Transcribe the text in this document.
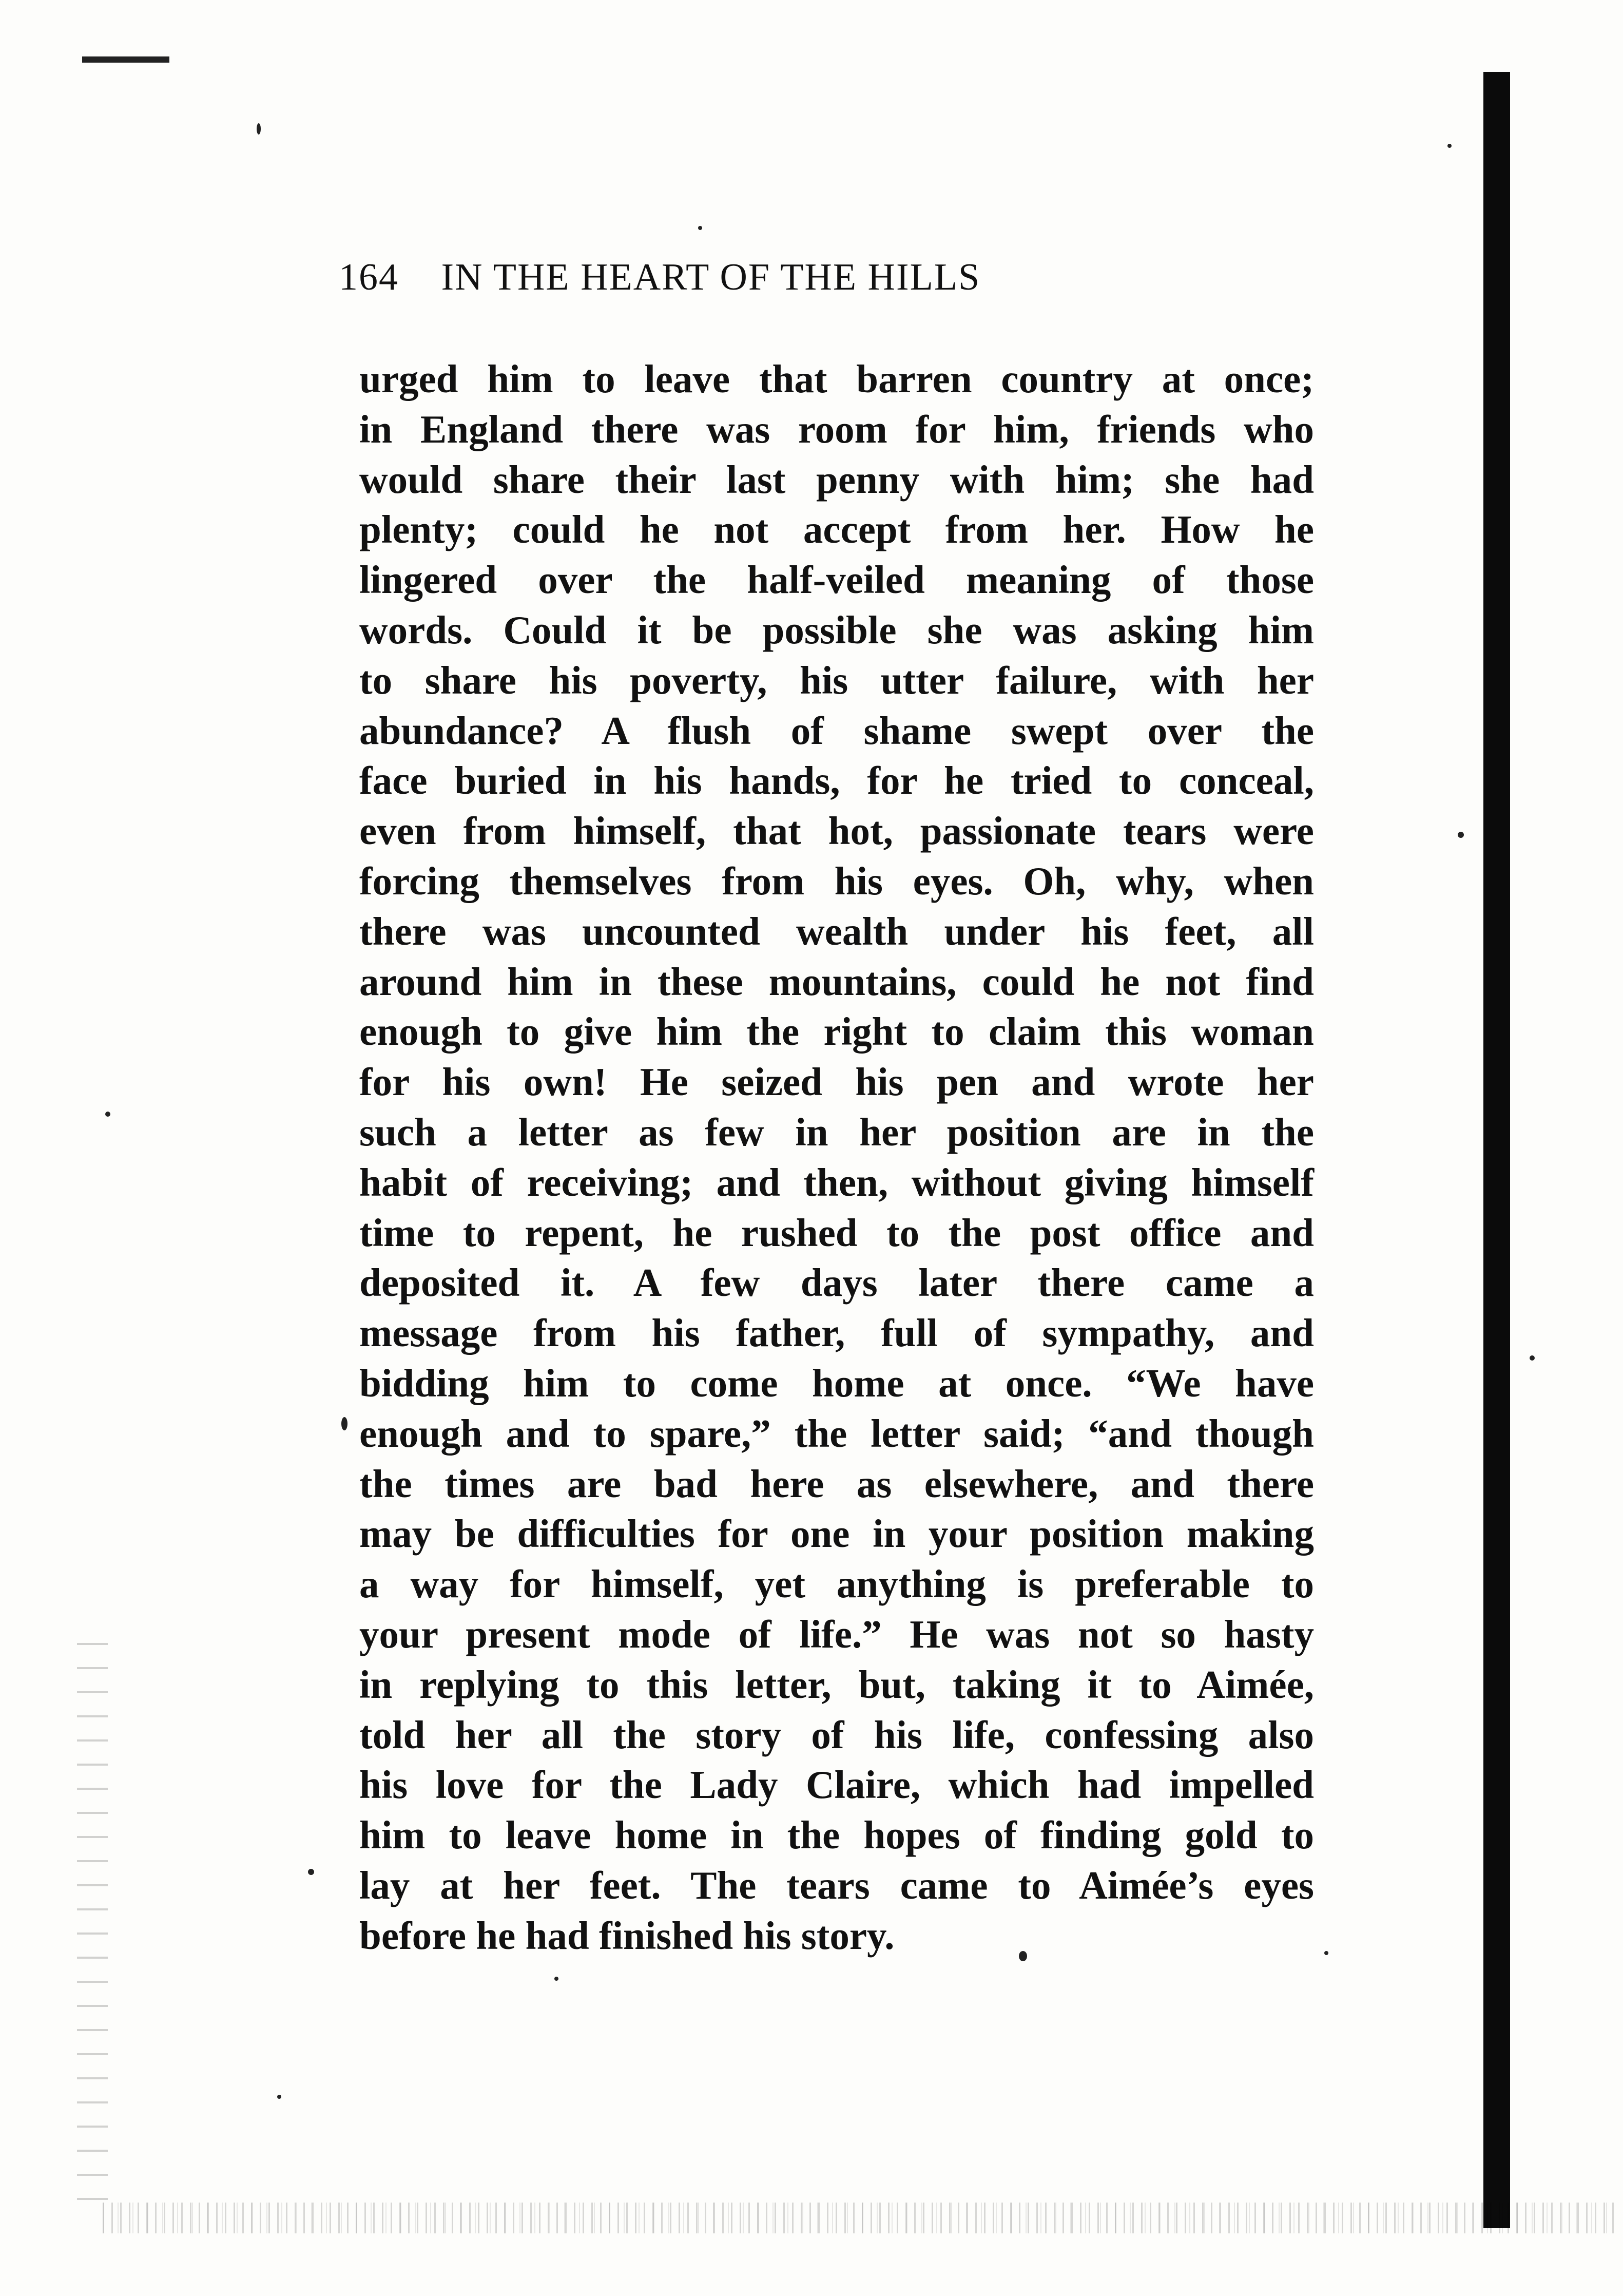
164 IN THE HEART OF THE HILLS
urged him to leave that barren country at once;
in England there was room for him, friends who
would share their last penny with him; she had
plenty; could he not accept from her. How he
lingered over the half-veiled meaning of those
words. Could it be possible she was asking him
to share his poverty, his utter failure, with her
abundance? A flush of shame swept over the
face buried in his hands, for he tried to conceal,
even from himself, that hot, passionate tears were
forcing themselves from his eyes. Oh, why, when
there was uncounted wealth under his feet, all
around him in these mountains, could he not find
enough to give him the right to claim this woman
for his own! He seized his pen and wrote her
such a letter as few in her position are in the
habit of receiving; and then, without giving himself
time to repent, he rushed to the post office and
deposited it. A few days later there came a
message from his father, full of sympathy, and
bidding him to come home at once. “We have
enough and to spare,” the letter said; “and though
the times are bad here as elsewhere, and there
may be difficulties for one in your position making
a way for himself, yet anything is preferable to
your present mode of life.” He was not so hasty
in replying to this letter, but, taking it to Aimée,
told her all the story of his life, confessing also
his love for the Lady Claire, which had impelled
him to leave home in the hopes of finding gold to
lay at her feet. The tears came to Aimée’s eyes
before he had finished his story.
